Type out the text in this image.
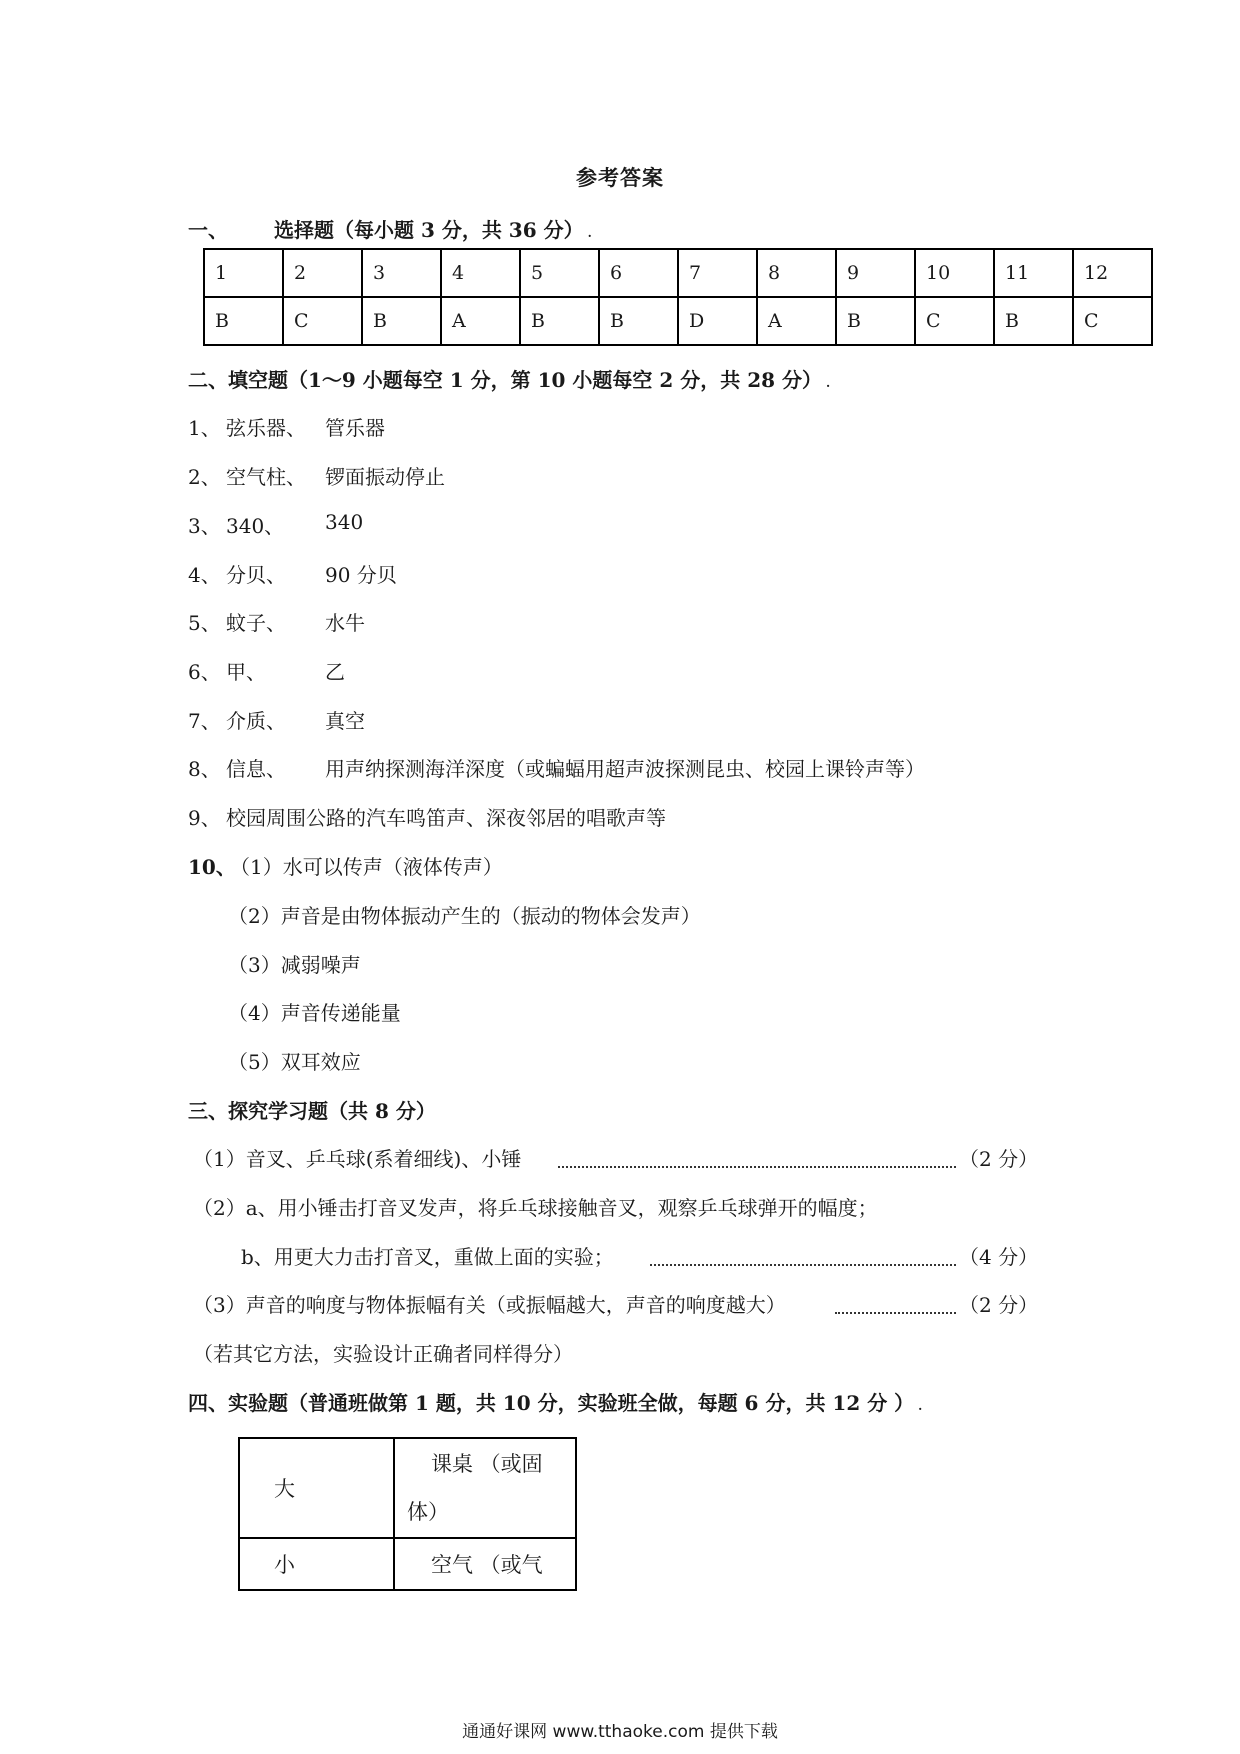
参考答案
一、 选择题（每小题 3 分，共 36 分） .
1	2	3	4	5	6	7	8	9	10	11	12
B	C	B	A	B	B	D	A	B	C	B	C
二、填空题（1～9 小题每空 1 分，第 10 小题每空 2 分，共 28 分） .
1、 弦乐器、 管乐器
2、 空气柱、 锣面振动停止
3、 340、 340
4、 分贝、 90 分贝
5、 蚊子、 水牛
6、 甲、	乙
7、 介质、 真空
8、 信息、 用声纳探测海洋深度（或蝙蝠用超声波探测昆虫、校园上课铃声等）
9、 校园周围公路的汽车鸣笛声、深夜邻居的唱歌声等
10、
（1）水可以传声（液体传声）
（2）声音是由物体振动产生的（振动的物体会发声）
（3）减弱噪声
（4）声音传递能量
（5）双耳效应
三、探究学习题（共 8 分）
（1）音叉、乒乓球(系着细线)、小锤	（2 分）
（2）a、用小锤击打音叉发声，将乒乓球接触音叉，观察乒乓球弹开的幅度；
b、用更大力击打音叉，重做上面的实验；	（4 分）
（3）声音的响度与物体振幅有关（或振幅越大，声音的响度越大）	（2 分）
（若其它方法，实验设计正确者同样得分）
四、实验题（普通班做第 1 题，共 10 分，实验班全做，每题 6 分，共 12 分 ） .
大	课桌 （或固
体）

小	空气 （或气
通通好课网 www.tthaoke.com 提供下载
